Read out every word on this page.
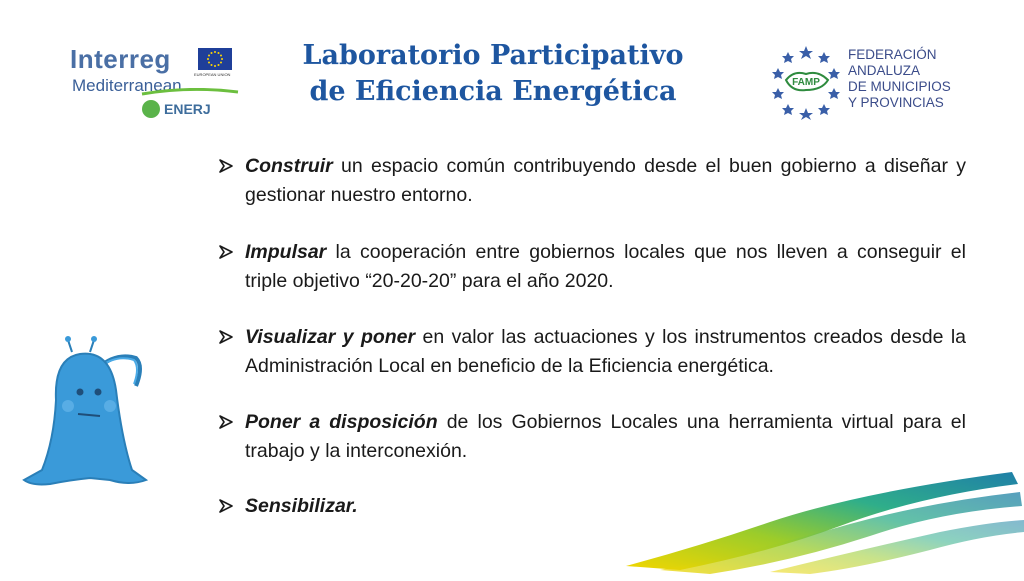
Interreg
EUROPEAN UNION
Mediterranean
ENERJ
Laboratorio Participativo
de Eficiencia Energética	FAMP
FEDERACIÓN
ANDALUZA
DE MUNICIPIOS
Y PROVINCIAS
Construir un espacio común contribuyendo desde el buen gobierno a diseñar y gestionar nuestro entorno.
Impulsar la cooperación entre gobiernos locales que nos lleven a conseguir el triple objetivo “20-20-20” para el año 2020.
Visualizar y poner en valor las actuaciones y los instrumentos creados desde la Administración Local en beneficio de la Eficiencia energética.
Poner a disposición de los Gobiernos Locales una herramienta virtual para el trabajo y la interconexión.
Sensibilizar.
